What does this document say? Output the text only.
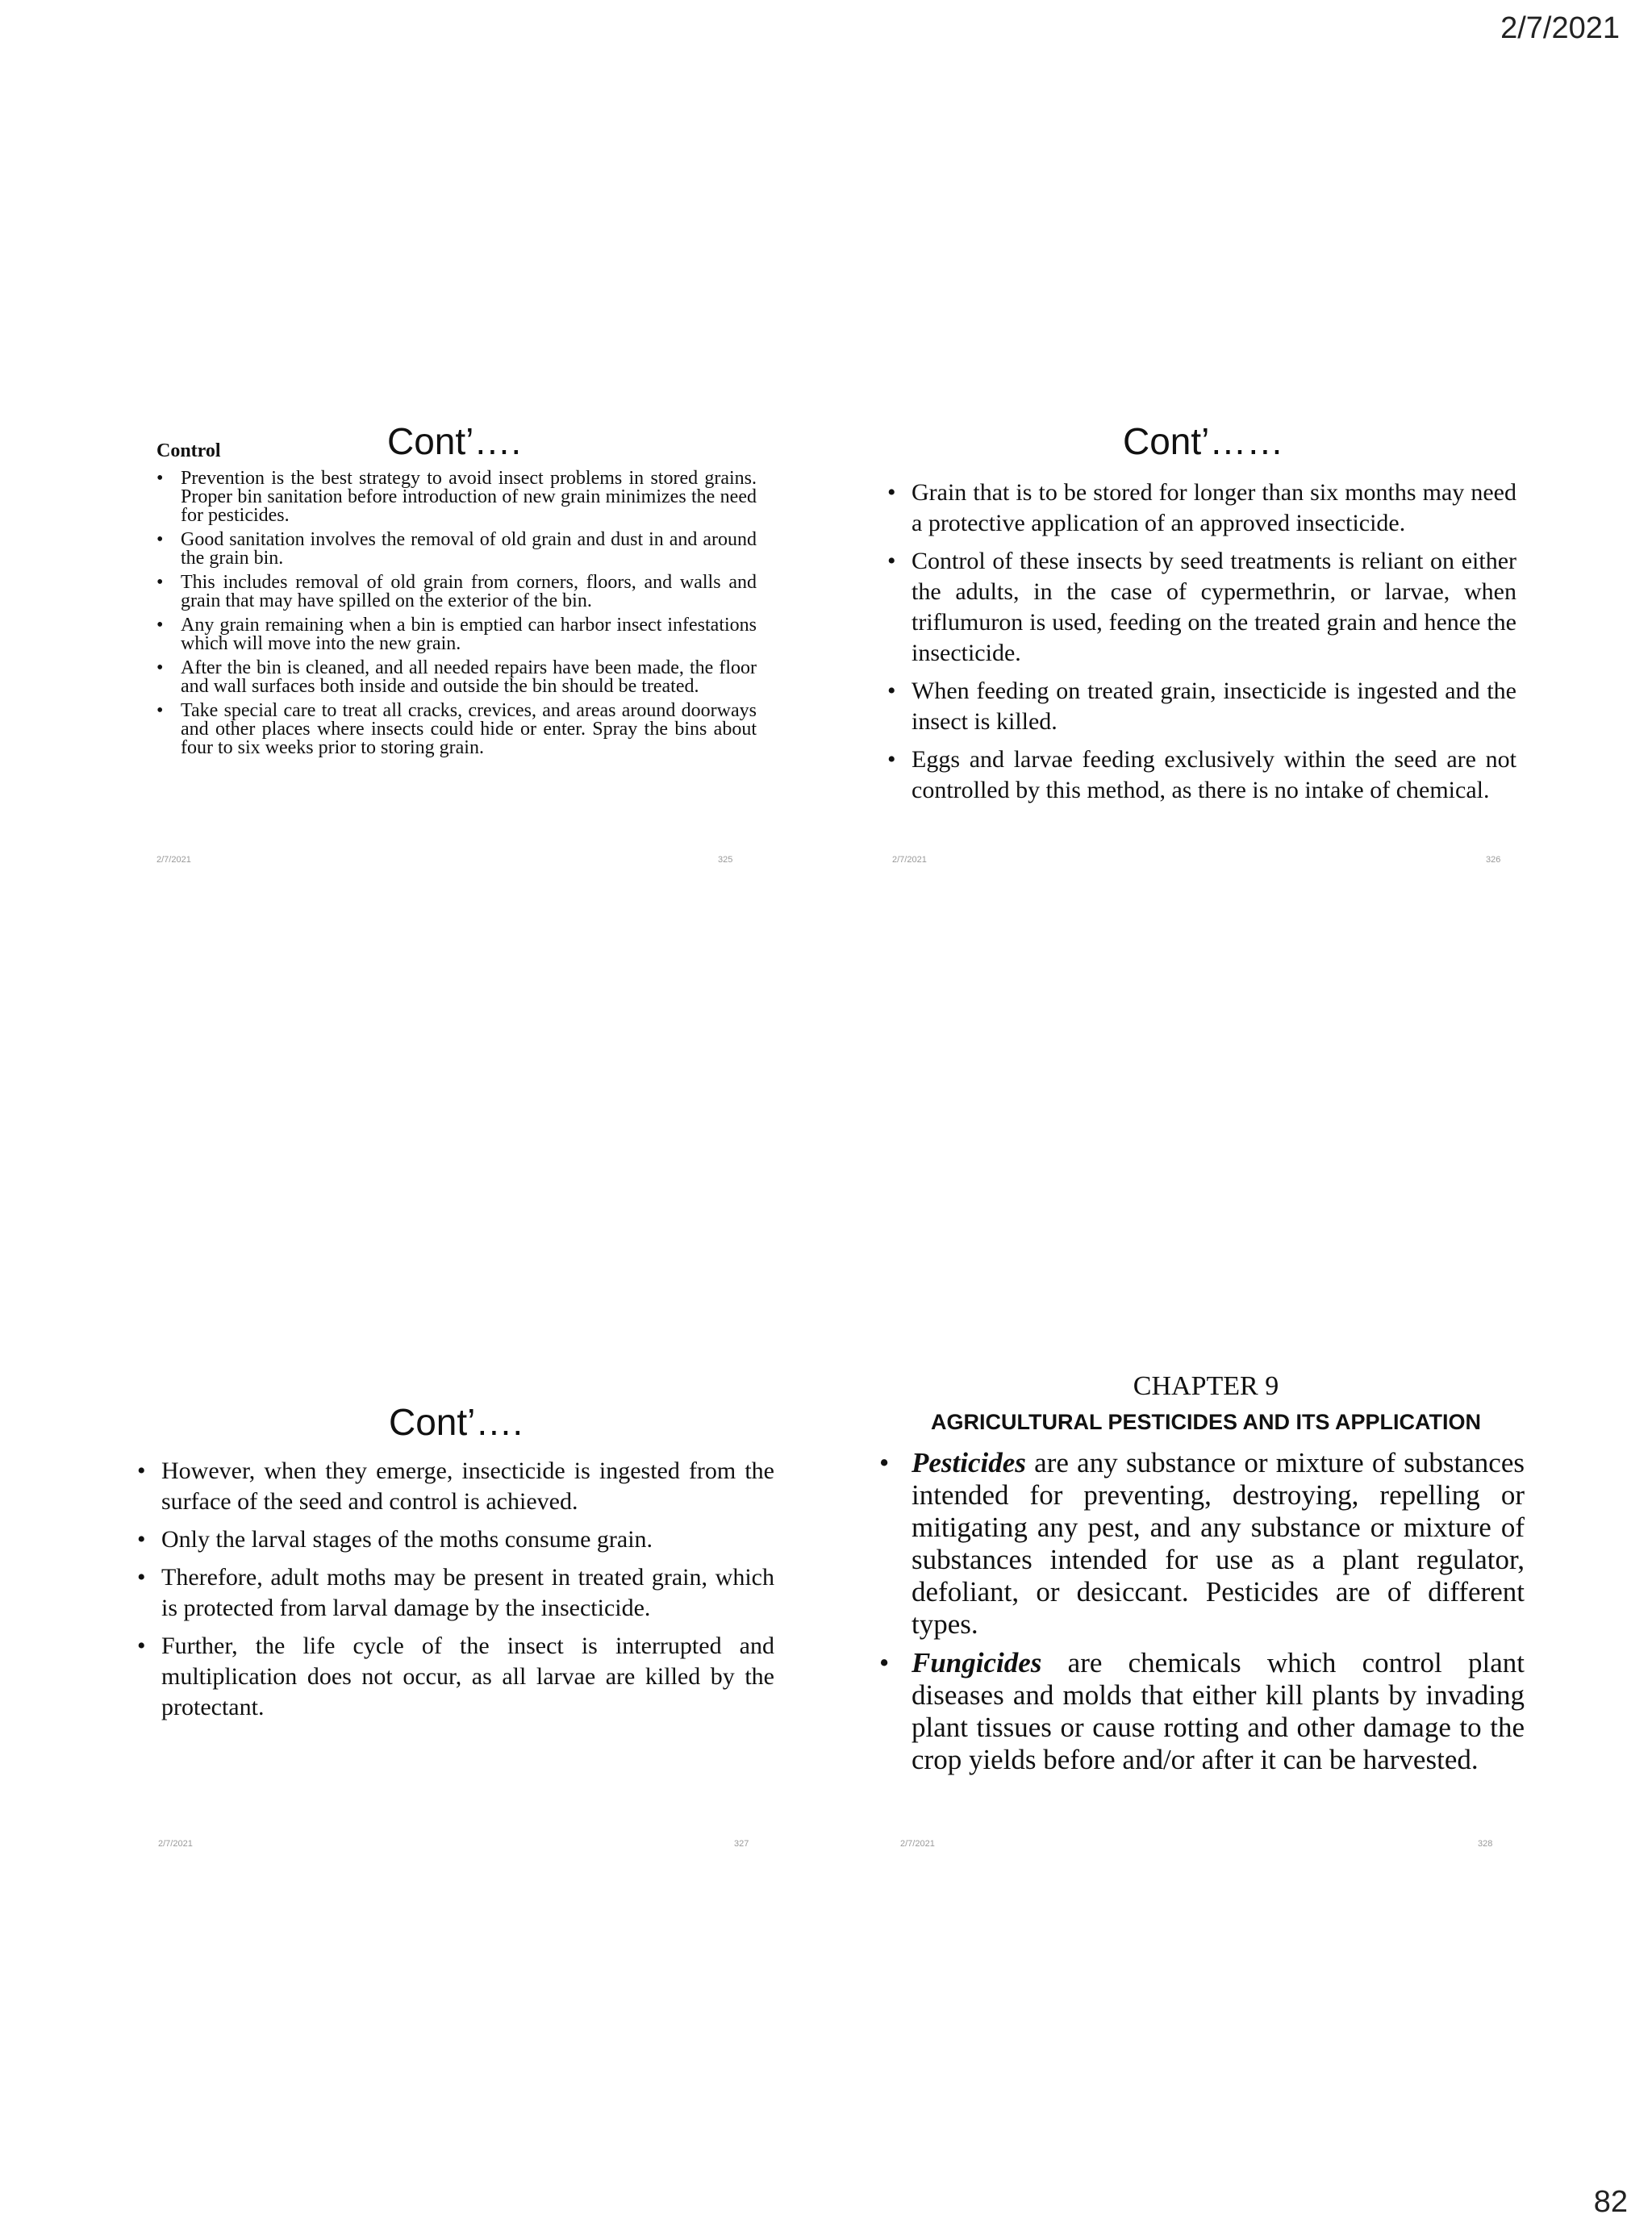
2/7/2021
Control	Cont’….
• Prevention is the best strategy to avoid insect problems in stored grains. Proper bin sanitation before introduction of new grain minimizes the need for pesticides.
• Good sanitation involves the removal of old grain and dust in and around the grain bin.
• This includes removal of old grain from corners, floors, and walls and grain that may have spilled on the exterior of the bin.
• Any grain remaining when a bin is emptied can harbor insect infestations which will move into the new grain.
• After the bin is cleaned, and all needed repairs have been made, the floor and wall surfaces both inside and outside the bin should be treated.
• Take special care to treat all cracks, crevices, and areas around doorways and other places where insects could hide or enter. Spray the bins about four to six weeks prior to storing grain.
2/7/2021	325
Cont’……
• Grain that is to be stored for longer than six months may need a protective application of an approved insecticide.
• Control of these insects by seed treatments is reliant on either the adults, in the case of cypermethrin, or larvae, when triflumuron is used, feeding on the treated grain and hence the insecticide.
• When feeding on treated grain, insecticide is ingested and the insect is killed.
• Eggs and larvae feeding exclusively within the seed are not controlled by this method, as there is no intake of chemical.
2/7/2021	326
Cont’….
• However, when they emerge, insecticide is ingested from the surface of the seed and control is achieved.
• Only the larval stages of the moths consume grain.
• Therefore, adult moths may be present in treated grain, which is protected from larval damage by the insecticide.
• Further, the life cycle of the insect is interrupted and multiplication does not occur, as all larvae are killed by the protectant.
2/7/2021	327
CHAPTER 9
AGRICULTURAL PESTICIDES AND ITS APPLICATION
• Pesticides are any substance or mixture of substances intended for preventing, destroying, repelling or mitigating any pest, and any substance or mixture of substances intended for use as a plant regulator, defoliant, or desiccant. Pesticides are of different types.
• Fungicides are chemicals which control plant diseases and molds that either kill plants by invading plant tissues or cause rotting and other damage to the crop yields before and/or after it can be harvested.
2/7/2021	328
82
